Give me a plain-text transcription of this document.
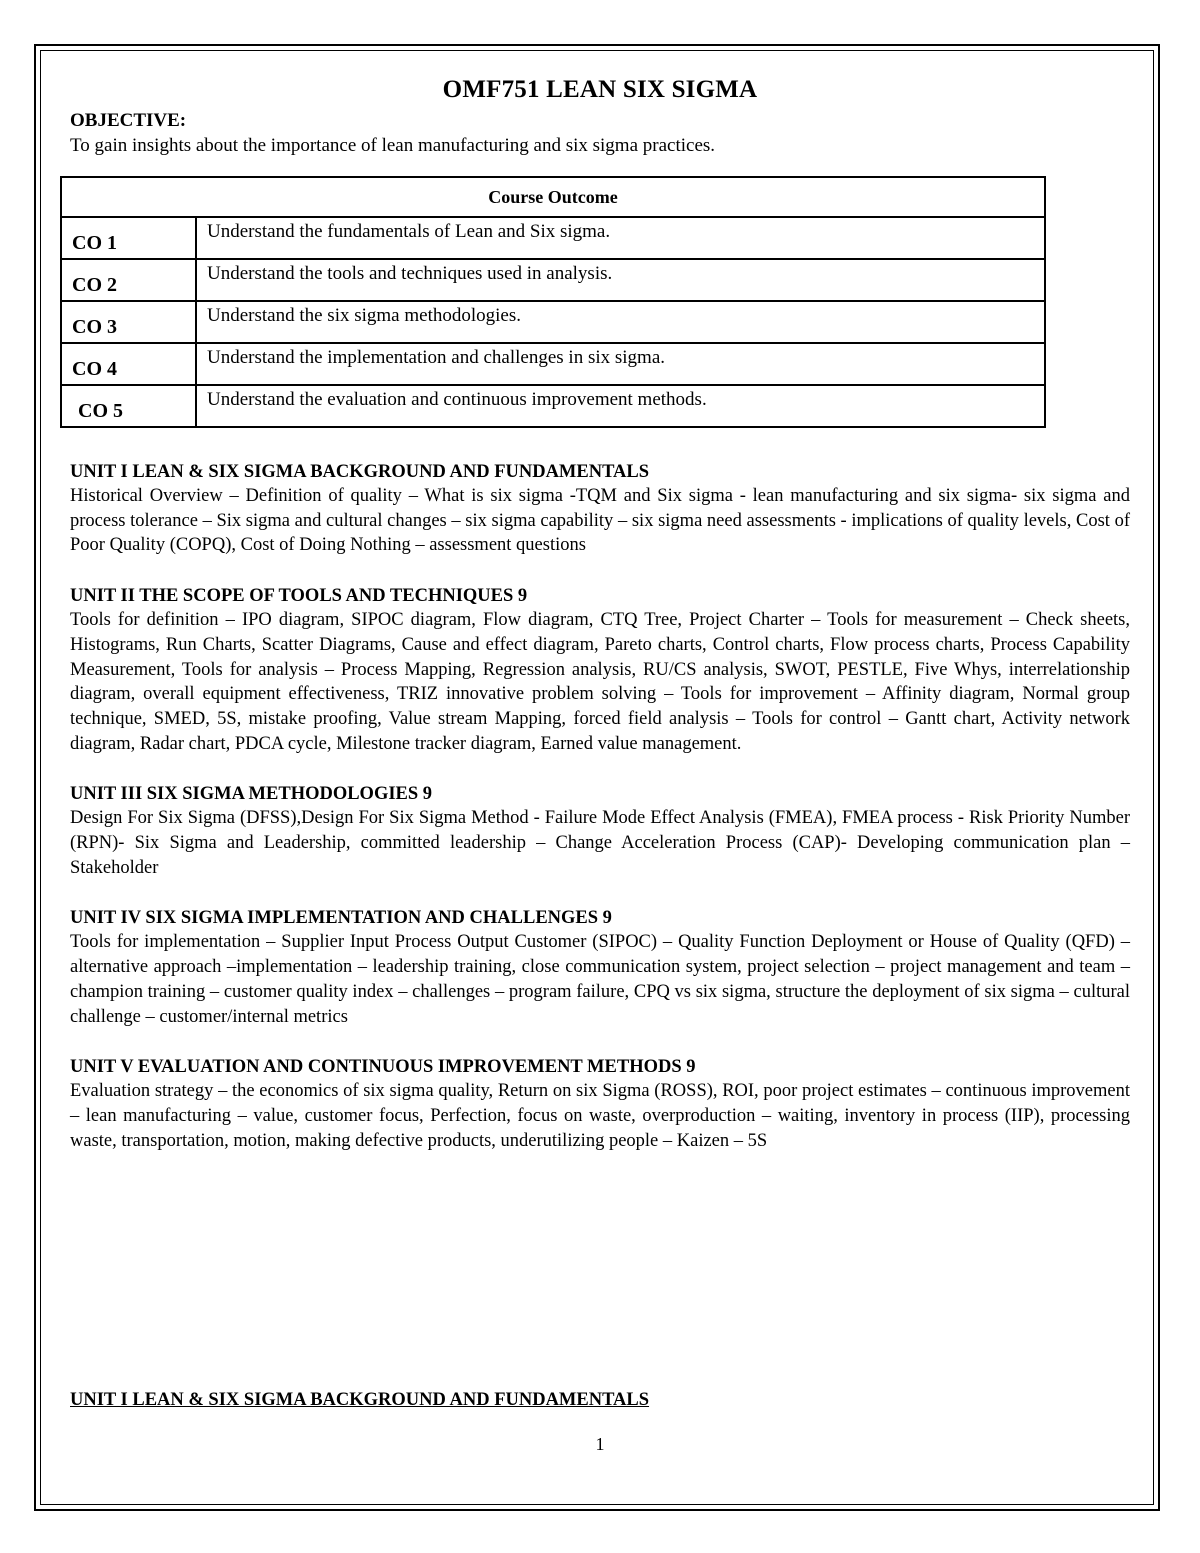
OMF751 LEAN SIX SIGMA

OBJECTIVE:

To gain insights about the importance of lean manufacturing and six sigma practices.

Course Outcome	
CO 1	Understand the fundamentals of Lean and Six sigma.
CO 2	Understand the tools and techniques used in analysis.
CO 3	Understand the six sigma methodologies.
CO 4	Understand the implementation and challenges in six sigma.
CO 5	Understand the evaluation and continuous improvement methods.

UNIT I LEAN & SIX SIGMA BACKGROUND AND FUNDAMENTALS

Historical Overview – Definition of quality – What is six sigma -TQM and Six sigma - lean manufacturing and six sigma- six sigma and process tolerance – Six sigma and cultural changes – six sigma capability – six sigma need assessments - implications of quality levels, Cost of Poor Quality (COPQ), Cost of Doing Nothing – assessment questions

UNIT II THE SCOPE OF TOOLS AND TECHNIQUES 9

Tools for definition – IPO diagram, SIPOC diagram, Flow diagram, CTQ Tree, Project Charter – Tools for measurement – Check sheets, Histograms, Run Charts, Scatter Diagrams, Cause and effect diagram, Pareto charts, Control charts, Flow process charts, Process Capability Measurement, Tools for analysis – Process Mapping, Regression analysis, RU/CS analysis, SWOT, PESTLE, Five Whys, interrelationship diagram, overall equipment effectiveness, TRIZ innovative problem solving – Tools for improvement – Affinity diagram, Normal group technique, SMED, 5S, mistake proofing, Value stream Mapping, forced field analysis – Tools for control – Gantt chart, Activity network diagram, Radar chart, PDCA cycle, Milestone tracker diagram, Earned value management.

UNIT III SIX SIGMA METHODOLOGIES 9

Design For Six Sigma (DFSS),Design For Six Sigma Method - Failure Mode Effect Analysis (FMEA), FMEA process - Risk Priority Number (RPN)- Six Sigma and Leadership, committed leadership – Change Acceleration Process (CAP)- Developing communication plan – Stakeholder

UNIT IV SIX SIGMA IMPLEMENTATION AND CHALLENGES 9

Tools for implementation – Supplier Input Process Output Customer (SIPOC) – Quality Function Deployment or House of Quality (QFD) – alternative approach –implementation – leadership training, close communication system, project selection – project management and team – champion training – customer quality index – challenges – program failure, CPQ vs six sigma, structure the deployment of six sigma – cultural challenge – customer/internal metrics

UNIT V EVALUATION AND CONTINUOUS IMPROVEMENT METHODS 9

Evaluation strategy – the economics of six sigma quality, Return on six Sigma (ROSS), ROI, poor project estimates – continuous improvement – lean manufacturing – value, customer focus, Perfection, focus on waste, overproduction – waiting, inventory in process (IIP), processing waste, transportation, motion, making defective products, underutilizing people – Kaizen – 5S

UNIT I LEAN & SIX SIGMA BACKGROUND AND FUNDAMENTALS
1
